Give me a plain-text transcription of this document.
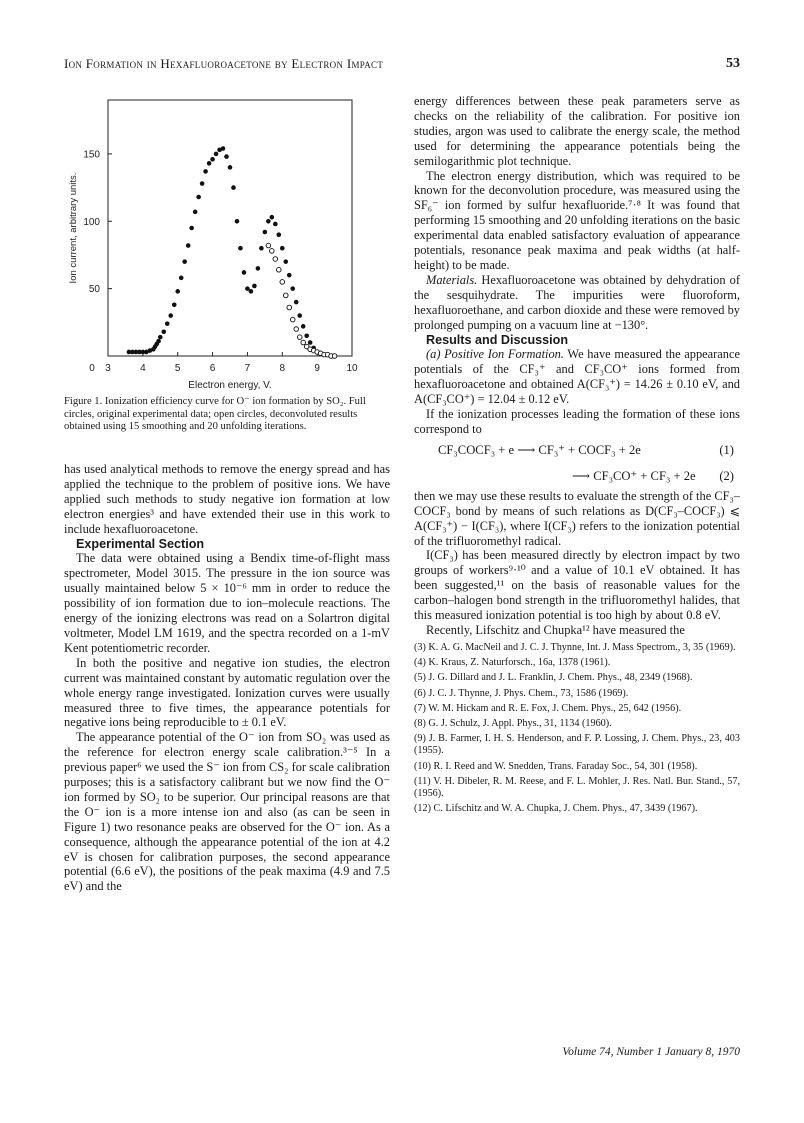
Ion Formation in Hexafluoroacetone by Electron Impact	53
0 3	4	5	6	7	8	9	10
50
100
150
Electron energy, V.
Ion current, arbitrary units.
Figure 1. Ionization efficiency curve for O⁻ ion formation by SO₂. Full circles, original experimental data; open circles, deconvoluted results obtained using 15 smoothing and 20 unfolding iterations.

has used analytical methods to remove the energy spread and has applied the technique to the problem of positive ions. We have applied such methods to study negative ion formation at low electron energies³ and have extended their use in this work to include hexafluoroacetone.

Experimental Section

The data were obtained using a Bendix time-of-flight mass spectrometer, Model 3015. The pressure in the ion source was usually maintained below 5 × 10⁻⁶ mm in order to reduce the possibility of ion formation due to ion–molecule reactions. The energy of the ionizing electrons was read on a Solartron digital voltmeter, Model LM 1619, and the spectra recorded on a 1-mV Kent potentiometric recorder.

In both the positive and negative ion studies, the electron current was maintained constant by automatic regulation over the whole energy range investigated. Ionization curves were usually measured three to five times, the appearance potentials for negative ions being reproducible to ± 0.1 eV.

The appearance potential of the O⁻ ion from SO₂ was used as the reference for electron energy scale calibration.³⁻⁵ In a previous paper⁶ we used the S⁻ ion from CS₂ for scale calibration purposes; this is a satisfactory calibrant but we now find the O⁻ ion formed by SO₂ to be superior. Our principal reasons are that the O⁻ ion is a more intense ion and also (as can be seen in Figure 1) two resonance peaks are observed for the O⁻ ion. As a consequence, although the appearance potential of the ion at 4.2 eV is chosen for calibration purposes, the second appearance potential (6.6 eV), the positions of the peak maxima (4.9 and 7.5 eV) and the

energy differences between these peak parameters serve as checks on the reliability of the calibration. For positive ion studies, argon was used to calibrate the energy scale, the method used for determining the appearance potentials being the semilogarithmic plot technique.

The electron energy distribution, which was required to be known for the deconvolution procedure, was measured using the SF₆⁻ ion formed by sulfur hexafluoride.⁷·⁸ It was found that performing 15 smoothing and 20 unfolding iterations on the basic experimental data enabled satisfactory evaluation of appearance potentials, resonance peak maxima and peak widths (at half-height) to be made.

Materials. Hexafluoroacetone was obtained by dehydration of the sesquihydrate. The impurities were fluoroform, hexafluoroethane, and carbon dioxide and these were removed by prolonged pumping on a vacuum line at −130°.

Results and Discussion

(a) Positive Ion Formation. We have measured the appearance potentials of the CF₃⁺ and CF₃CO⁺ ions formed from hexafluoroacetone and obtained A(CF₃⁺) = 14.26 ± 0.10 eV, and A(CF₃CO⁺) = 12.04 ± 0.12 eV.

If the ionization processes leading the formation of these ions correspond to

CF₃COCF₃ + e ⟶ CF₃⁺ + COCF₃ + 2e	(1)
⟶ CF₃CO⁺ + CF₃ + 2e (2)

then we may use these results to evaluate the strength of the CF₃–COCF₃ bond by means of such relations as D(CF₃–COCF₃) ⩽ A(CF₃⁺) − I(CF₃), where I(CF₃) refers to the ionization potential of the trifluoromethyl radical.

I(CF₃) has been measured directly by electron impact by two groups of workers⁹·¹⁰ and a value of 10.1 eV obtained. It has been suggested,¹¹ on the basis of reasonable values for the carbon–halogen bond strength in the trifluoromethyl halides, that this measured ionization potential is too high by about 0.8 eV.

Recently, Lifschitz and Chupka¹² have measured the

(3) K. A. G. MacNeil and J. C. J. Thynne, Int. J. Mass Spectrom., 3, 35 (1969).
(4) K. Kraus, Z. Naturforsch., 16a, 1378 (1961).
(5) J. G. Dillard and J. L. Franklin, J. Chem. Phys., 48, 2349 (1968).
(6) J. C. J. Thynne, J. Phys. Chem., 73, 1586 (1969).
(7) W. M. Hickam and R. E. Fox, J. Chem. Phys., 25, 642 (1956).
(8) G. J. Schulz, J. Appl. Phys., 31, 1134 (1960).
(9) J. B. Farmer, I. H. S. Henderson, and F. P. Lossing, J. Chem. Phys., 23, 403 (1955).
(10) R. I. Reed and W. Snedden, Trans. Faraday Soc., 54, 301 (1958).
(11) V. H. Dibeler, R. M. Reese, and F. L. Mohler, J. Res. Natl. Bur. Stand., 57, (1956).
(12) C. Lifschitz and W. A. Chupka, J. Chem. Phys., 47, 3439 (1967).
Volume 74, Number 1 January 8, 1970
